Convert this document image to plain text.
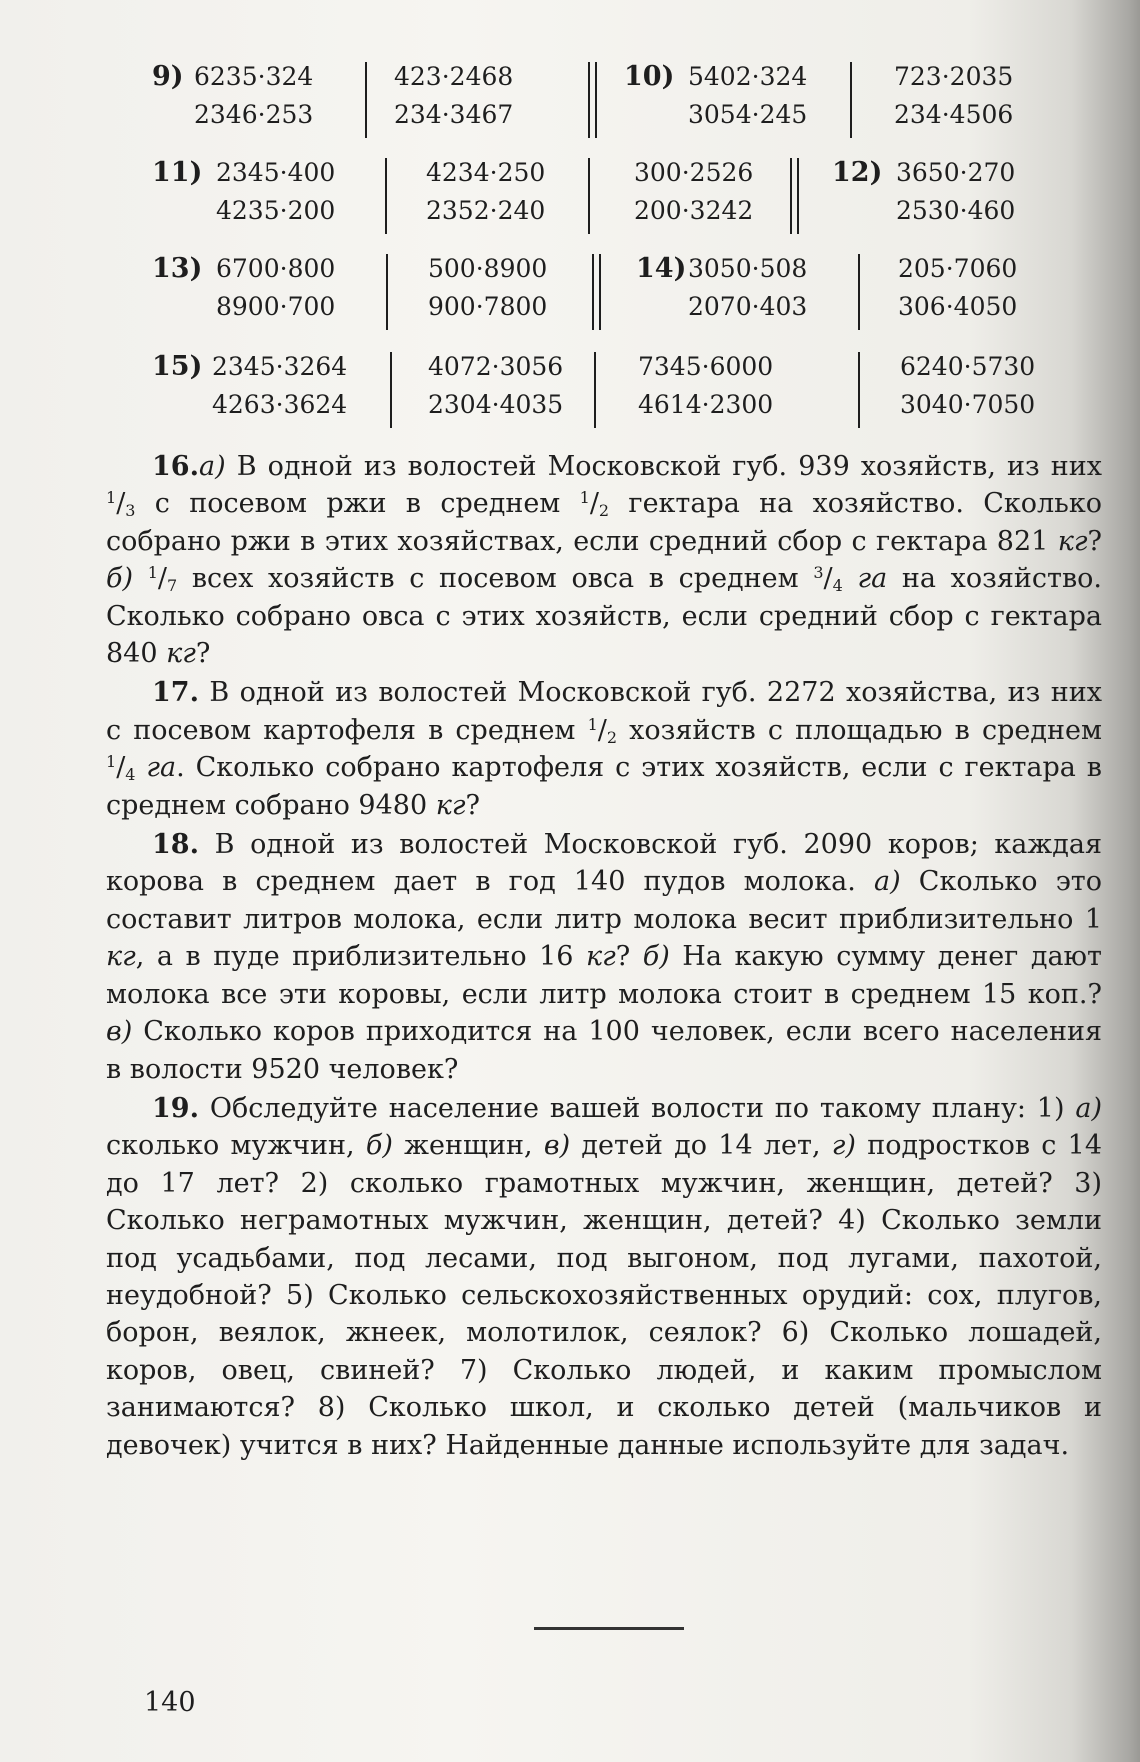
9) 6235·324
2346·253
423·2468
234·3467
10) 5402·324
3054·245
723·2035
234·4506
11) 2345·400
4235·200
4234·250
2352·240
300·2526
200·3242
12) 3650·270
2530·460
13) 6700·800
8900·700
500·8900
900·7800
14) 3050·508
2070·403
205·7060
306·4050
15) 2345·3264
4263·3624
4072·3056
2304·4035
7345·6000
4614·2300
6240·5730
3040·7050

16.а) В одной из волостей Московской губ. 939 хозяйств, из них $^1/_3$ с посевом ржи в среднем $^1/_2$ гектара на хозяйство. Сколько собрано ржи в этих хозяйствах, если средний сбор с гектара 821 кг? б) $^1/_7$ всех хозяйств с посевом овса в среднем $^3/_4$ га на хозяйство. Сколько собрано овса с этих хозяйств, если средний сбор с гектара 840 кг?

17. В одной из волостей Московской губ. 2272 хозяйства, из них с посевом картофеля в среднем $^1/_2$ хозяйств с площадью в среднем $^1/_4$ га. Сколько собрано картофеля с этих хозяйств, если с гектара в среднем собрано 9480 кг?

18. В одной из волостей Московской губ. 2090 коров; каждая корова в среднем дает в год 140 пудов молока. а) Сколько это составит литров молока, если литр молока весит приблизительно 1 кг, а в пуде приблизительно 16 кг? б) На какую сумму денег дают молока все эти коровы, если литр молока стоит в среднем 15 коп.? в) Сколько коров приходится на 100 человек, если всего населения в волости 9520 человек?

19. Обследуйте население вашей волости по такому плану: 1) а) сколько мужчин, б) женщин, в) детей до 14 лет, г) подростков с 14 до 17 лет? 2) сколько грамотных мужчин, женщин, детей? 3) Сколько неграмотных мужчин, женщин, детей? 4) Сколько земли под усадьбами, под лесами, под выгоном, под лугами, пахотой, неудобной? 5) Сколько сельскохозяйственных орудий: сох, плугов, борон, веялок, жнеек, молотилок, сеялок? 6) Сколько лошадей, коров, овец, свиней? 7) Сколько людей, и каким промыслом занимаются? 8) Сколько школ, и сколько детей (мальчиков и девочек) учится в них? Найденные данные используйте для задач.

140
